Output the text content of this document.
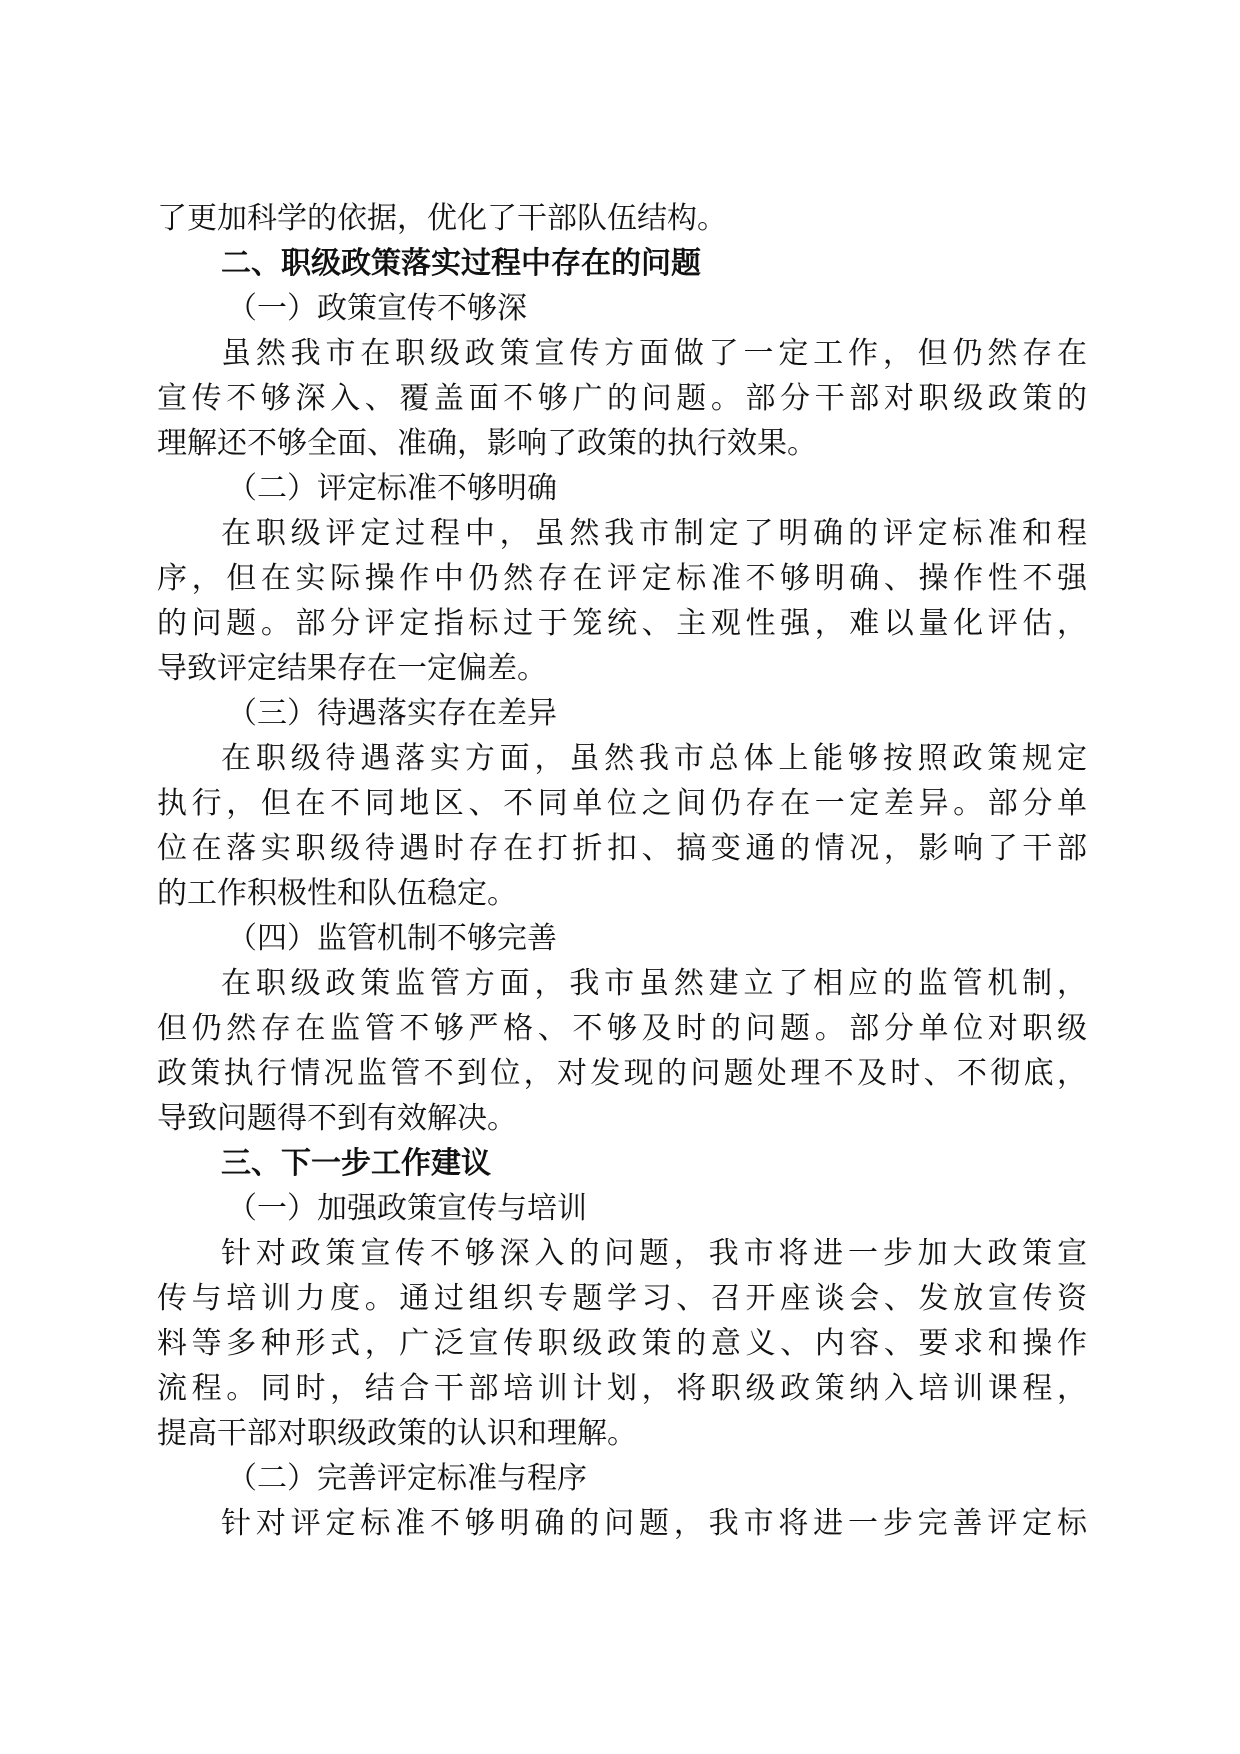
了更加科学的依据，优化了干部队伍结构。
二、职级政策落实过程中存在的问题
（一）政策宣传不够深
虽然我市在职级政策宣传方面做了一定工作，但仍然存在
宣传不够深入、覆盖面不够广的问题。部分干部对职级政策的
理解还不够全面、准确，影响了政策的执行效果。
（二）评定标准不够明确
在职级评定过程中，虽然我市制定了明确的评定标准和程
序，但在实际操作中仍然存在评定标准不够明确、操作性不强
的问题。部分评定指标过于笼统、主观性强，难以量化评估，
导致评定结果存在一定偏差。
（三）待遇落实存在差异
在职级待遇落实方面，虽然我市总体上能够按照政策规定
执行，但在不同地区、不同单位之间仍存在一定差异。部分单
位在落实职级待遇时存在打折扣、搞变通的情况，影响了干部
的工作积极性和队伍稳定。
（四）监管机制不够完善
在职级政策监管方面，我市虽然建立了相应的监管机制，
但仍然存在监管不够严格、不够及时的问题。部分单位对职级
政策执行情况监管不到位，对发现的问题处理不及时、不彻底，
导致问题得不到有效解决。
三、下一步工作建议
（一）加强政策宣传与培训
针对政策宣传不够深入的问题，我市将进一步加大政策宣
传与培训力度。通过组织专题学习、召开座谈会、发放宣传资
料等多种形式，广泛宣传职级政策的意义、内容、要求和操作
流程。同时，结合干部培训计划，将职级政策纳入培训课程，
提高干部对职级政策的认识和理解。
（二）完善评定标准与程序
针对评定标准不够明确的问题，我市将进一步完善评定标
